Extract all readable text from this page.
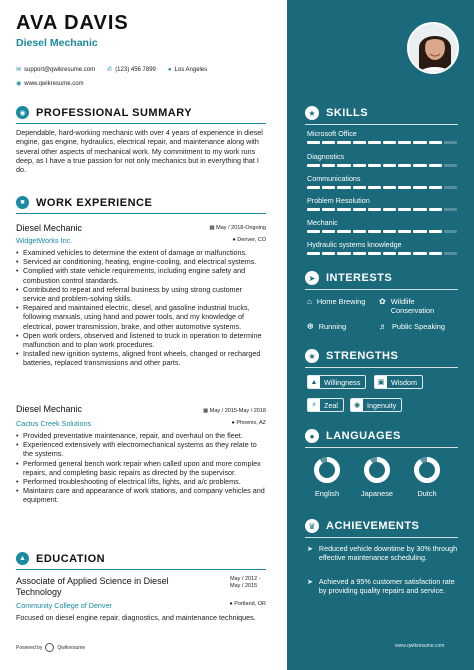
AVA DAVIS
Diesel Mechanic
✉ support@qwikresume.com ✆ (123) 456 7899 ● Los Angeles
◉ www.qwikresume.com
◉ PROFESSIONAL SUMMARY
Dependable, hard-working mechanic with over 4 years of experience in diesel engine, gas engine, hydraulics, electrical repair, and maintenance along with several other aspects of mechanical work. My commitment to my work runs deep, as I have a true passion for not only mechanics but in everything that I do.
■	WORK EXPERIENCE
Diesel Mechanic	▦ May / 2018-Ongoing
WidgetWorks Inc.	● Denver, CO
• Examined vehicles to determine the extent of damage or malfunctions.
• Serviced air conditioning, heating, engine-cooling, and electrical systems.
• Complied with state vehicle requirements, including engine safety and combustion control standards.
• Contributed to repeat and referral business by using strong customer service and problem-solving skills.
• Repaired and maintained electric, diesel, and gasoline industrial trucks, following manuals, using hand and power tools, and my knowledge of electrical, power transmission, brake, and other automotive systems.
• Open work orders, observed and listened to truck in operation to determine malfunction and to plan work procedures.
• Installed new ignition systems, aligned front wheels, changed or recharged batteries, replaced transmissions and other parts.
Diesel Mechanic	▦ May / 2015-May / 2018
Cactus Creek Solutions	● Phoenix, AZ
• Provided preventative maintenance, repair, and overhaul on the fleet.
• Experienced extensively with electromechanical systems as they relate to the systems.
• Performed general bench work repair when called upon and more complex repairs, and completing basic repairs as directed by the supervisor.
• Performed troubleshooting of electrical lifts, lights, and a/c problems.
• Maintains care and appearance of work stations, and company vehicles and equipment.
▲ EDUCATION
Associate of Applied Science in Diesel Technology
May / 2012 - May / 2015
Community College of Denver	● Portland, OR
Focused on diesel engine repair, diagnostics, and maintenance techniques.
Powered by	Qwikresume
★ SKILLS
Microsoft Office
Diagnostics
Communications
Problem Resolution
Mechanic
Hydraulic systems knowledge
➤ INTERESTS
⌂ Home Brewing ✿ Wildlife Conservation
❆ Running	♬ Public Speaking
★ STRENGTHS
▲ Willingness	▣ Wisdom
⚡	Zeal	◉ Ingenuity
●	LANGUAGES
English	Japanese	Dutch
♛ ACHIEVEMENTS
➤ Reduced vehicle downtime by 30% through effective maintenance scheduling.
➤ Achieved a 95% customer satisfaction rate by providing quality repairs and service.
www.qwikresume.com
